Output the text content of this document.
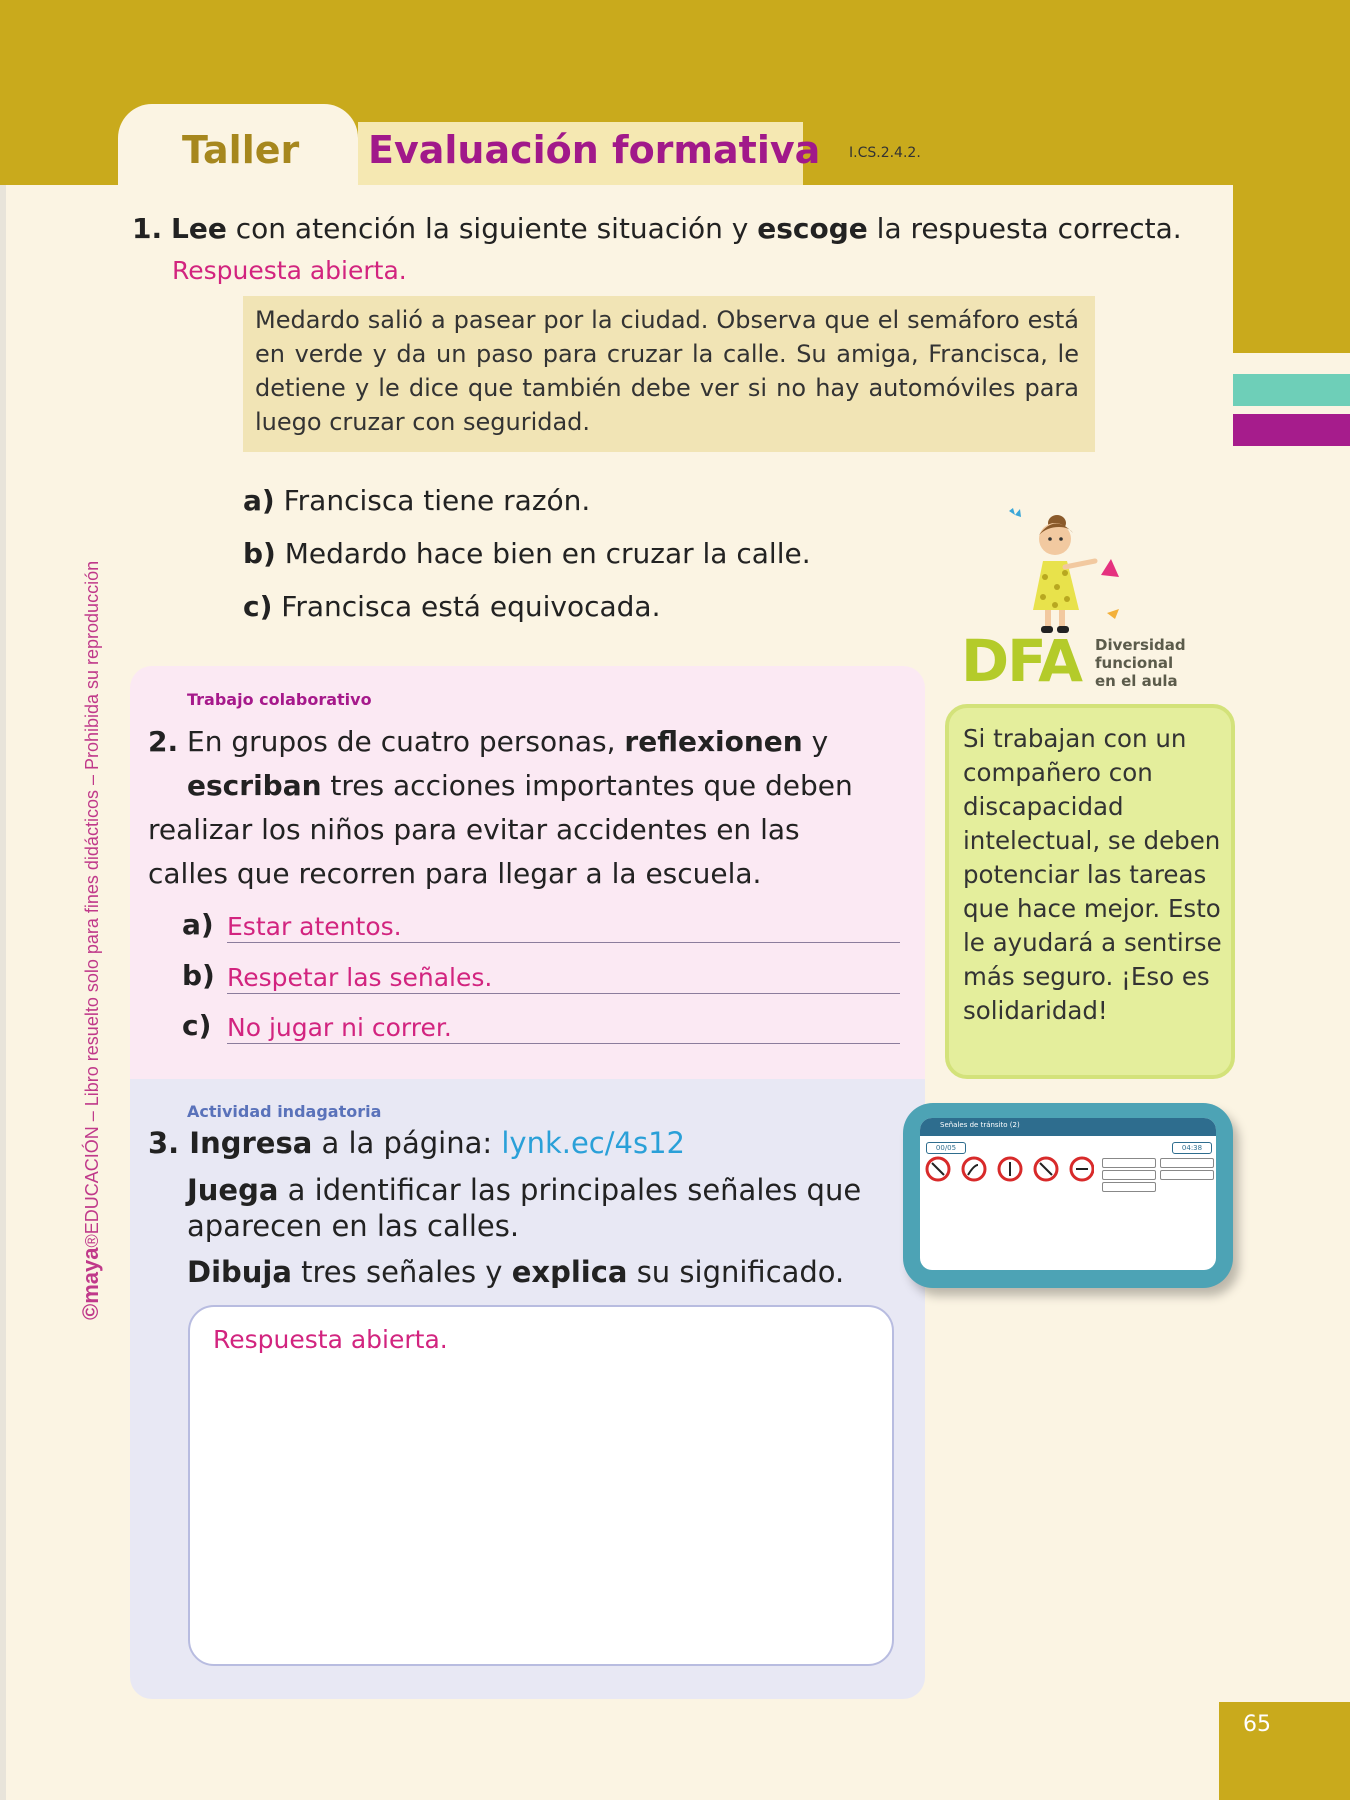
Taller Evaluación formativa I.CS.2.4.2.
©maya®EDUCACIÓN – Libro resuelto solo para fines didácticos – Prohibida su reproducción
1. Lee con atención la siguiente situación y escoge la respuesta correcta.
Respuesta abierta.
Medardo salió a pasear por la ciudad. Observa que el semáforo está en verde y da un paso para cruzar la calle. Su amiga, Francisca, le detiene y le dice que también debe ver si no hay automóviles para luego cruzar con seguridad.
a) Francisca tiene razón.
b) Medardo hace bien en cruzar la calle.
c) Francisca está equivocada.
DFA Diversidad
funcional
en el aula
Si trabajan con un compañero con discapacidad intelectual, se deben potenciar las tareas que hace mejor. Esto le ayudará a sentirse más seguro. ¡Eso es solidaridad!
Trabajo colaborativo
2. En grupos de cuatro personas, reflexionen y
escriban tres acciones importantes que deben realizar los niños para evitar accidentes en las calles que recorren para llegar a la escuela.
a) Estar atentos.
b) Respetar las señales.
c) No jugar ni correr.
Actividad indagatoria
3. Ingresa a la página: lynk.ec/4s12
Juega a identificar las principales señales que aparecen en las calles.
Dibuja tres señales y explica su significado.
Respuesta abierta.
Señales de tránsito (2)
00/05	04:38
65
